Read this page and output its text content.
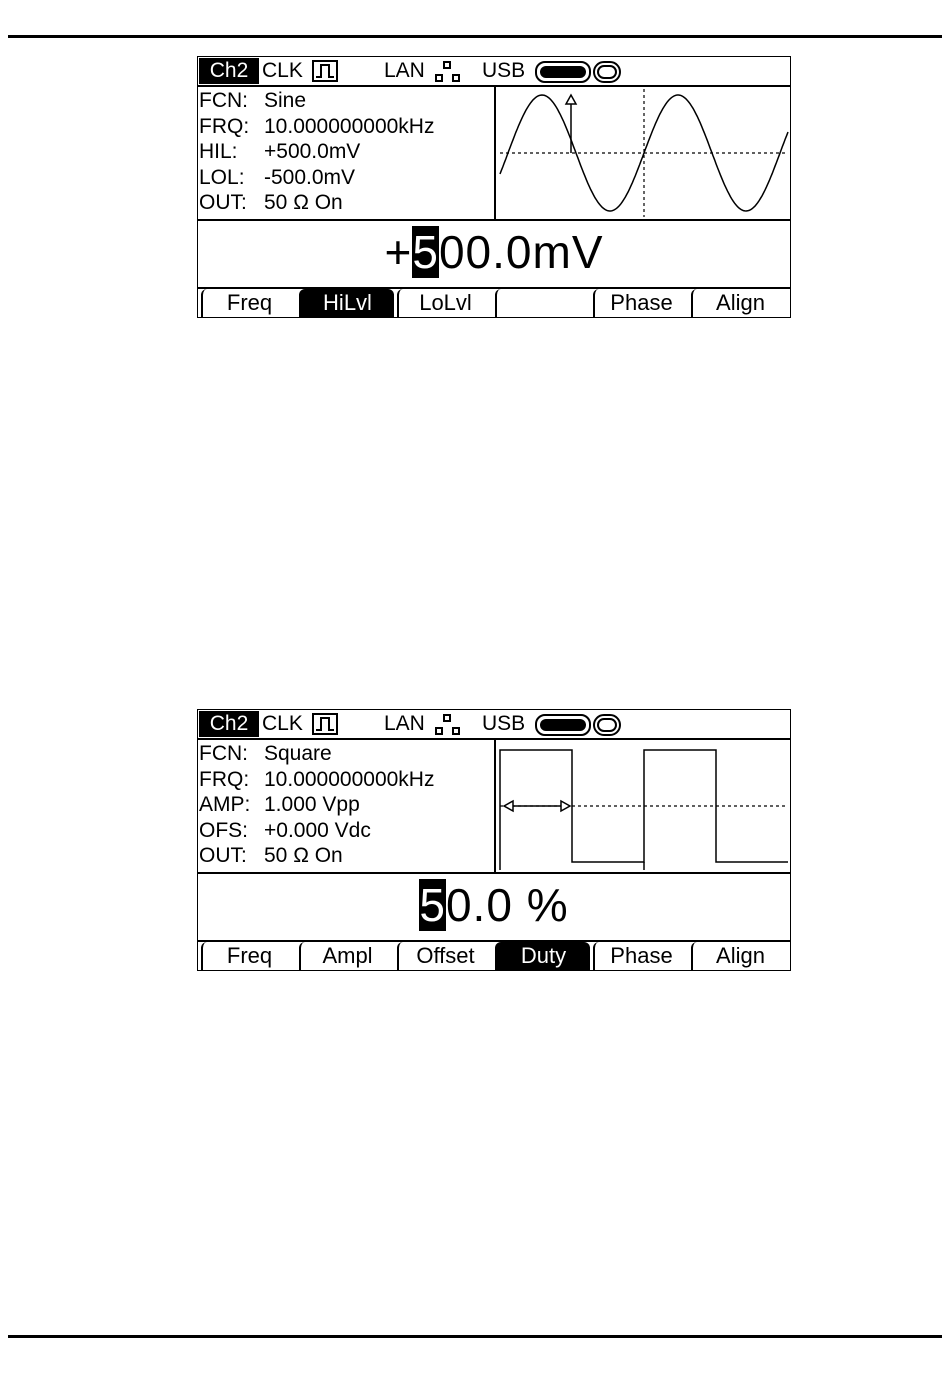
Ch2 CLK	LAN	USB
FCN: Sine
FRQ: 10.000000000kHz
HIL: +500.0mV
LOL: -500.0mV
OUT: 50 Ω On
+500.0mV
Freq	HiLvl	LoLvl	Phase	Align
Ch2 CLK	LAN	USB
FCN: Square
FRQ: 10.000000000kHz
AMP: 1.000 Vpp
OFS: +0.000 Vdc
OUT: 50 Ω On
50.0 %
Freq	Ampl	Offset	Duty	Phase	Align
